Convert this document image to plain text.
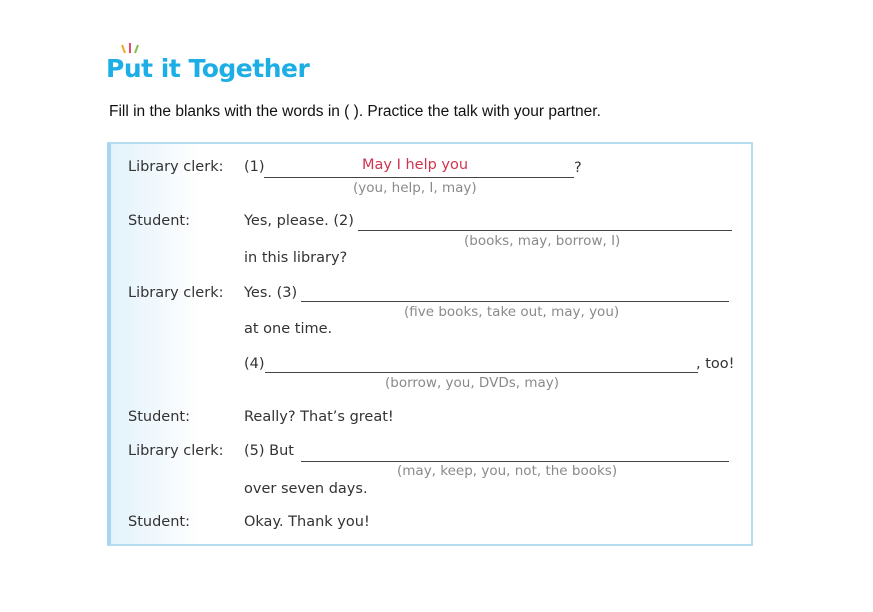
Put it Together
Fill in the blanks with the words in ( ). Practice the talk with your partner.
Library clerk: (1)	May I help you	?
(you, help, I, may)
Student:	Yes, please. (2)
(books, may, borrow, I)
in this library?
Library clerk: Yes. (3)
(five books, take out, may, you)
at one time.
(4)	, too!
(borrow, you, DVDs, may)
Student:	Really? That’s great!
Library clerk: (5) But
(may, keep, you, not, the books)
over seven days.
Student:	Okay. Thank you!
